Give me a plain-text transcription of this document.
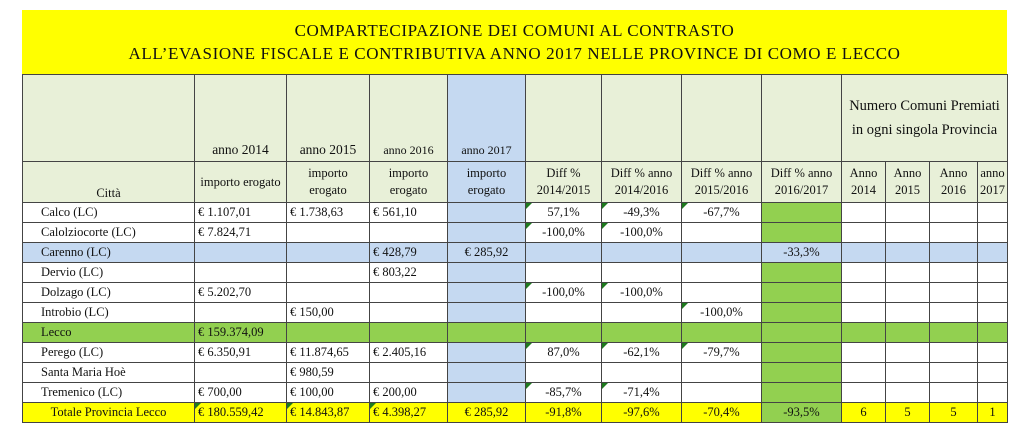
COMPARTECIPAZIONE DEI COMUNI AL CONTRASTO
ALL’EVASIONE FISCALE E CONTRIBUTIVA ANNO 2017 NELLE PROVINCE DI COMO E LECCO
	anno 2014	anno 2015	anno 2016	anno 2017					Numero Comuni Premiati in ogni singola Provincia			
Città	importo erogato	importo erogato	importo erogato	importo erogato	Diff % 2014/2015	Diff % anno 2014/2016	Diff % anno 2015/2016	Diff % anno 2016/2017	Anno 2014	Anno 2015	Anno 2016	anno 2017
Calco (LC)	€ 1.107,01	€ 1.738,63	€ 561,10		57,1%	-49,3%	-67,7%					
Calolziocorte (LC)	€ 7.824,71				-100,0%	-100,0%						
Carenno (LC)			€ 428,79	€ 285,92				-33,3%				
Dervio (LC)			€ 803,22									
Dolzago (LC)	€ 5.202,70				-100,0%	-100,0%						
Introbio (LC)		€ 150,00					-100,0%					
Lecco	€ 159.374,09											
Perego (LC)	€ 6.350,91	€ 11.874,65	€ 2.405,16		87,0%	-62,1%	-79,7%					
Santa Maria Hoè		€ 980,59										
Tremenico (LC)	€ 700,00	€ 100,00	€ 200,00		-85,7%	-71,4%						
Totale Provincia Lecco	€ 180.559,42	€ 14.843,87	€ 4.398,27	€ 285,92	-91,8%	-97,6%	-70,4%	-93,5%	6	5	5	1
